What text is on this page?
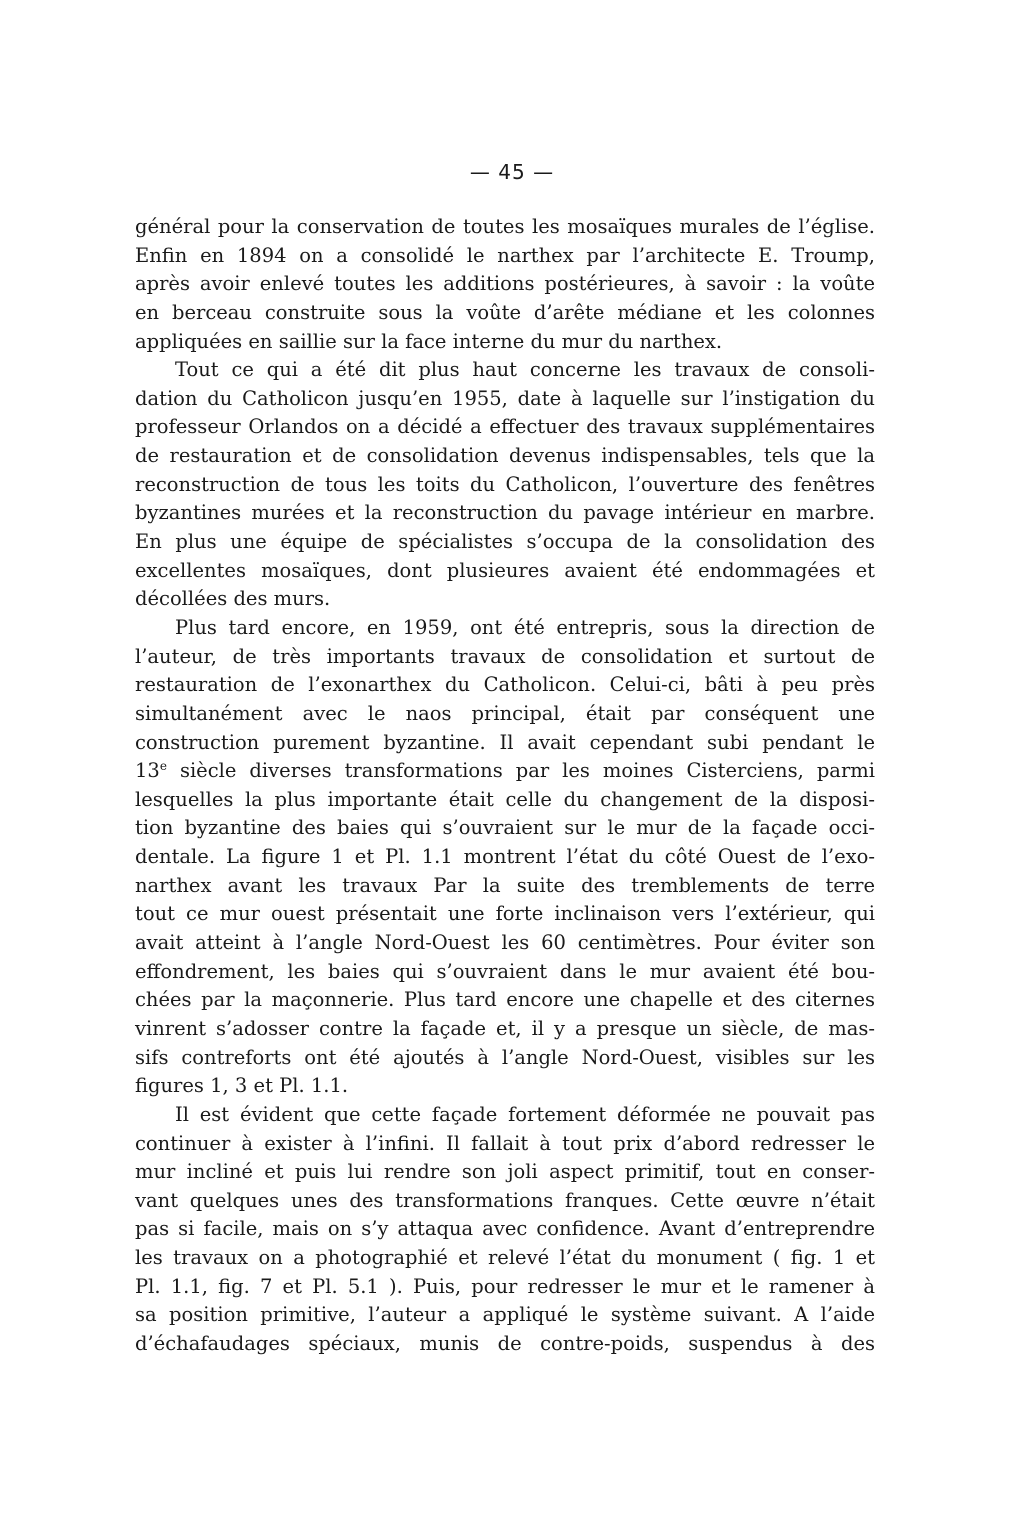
— 45 —
général pour la conservation de toutes les mosaïques murales de l’église.
Enfin en 1894 on a consolidé le narthex par l’architecte E. Troump,
après avoir enlevé toutes les additions postérieures, à savoir : la voûte
en berceau construite sous la voûte d’arête médiane et les colonnes
appliquées en saillie sur la face interne du mur du narthex.
Tout ce qui a été dit plus haut concerne les travaux de consoli-
dation du Catholicon jusqu’en 1955, date à laquelle sur l’instigation du
professeur Orlandos on a décidé a effectuer des travaux supplémentaires
de restauration et de consolidation devenus indispensables, tels que la
reconstruction de tous les toits du Catholicon, l’ouverture des fenêtres
byzantines murées et la reconstruction du pavage intérieur en marbre.
En plus une équipe de spécialistes s’occupa de la consolidation des
excellentes mosaïques, dont plusieures avaient été endommagées et
décollées des murs.
Plus tard encore, en 1959, ont été entrepris, sous la direction de
l’auteur, de très importants travaux de consolidation et surtout de
restauration de l’exonarthex du Catholicon. Celui-ci, bâti à peu près
simultanément avec le naos principal, était par conséquent une
construction purement byzantine. Il avait cependant subi pendant le
13e siècle diverses transformations par les moines Cisterciens, parmi
lesquelles la plus importante était celle du changement de la disposi-
tion byzantine des baies qui s’ouvraient sur le mur de la façade occi-
dentale. La figure 1 et Pl. 1.1 montrent l’état du côté Ouest de l’exo-
narthex avant les travaux Par la suite des tremblements de terre
tout ce mur ouest présentait une forte inclinaison vers l’extérieur, qui
avait atteint à l’angle Nord-Ouest les 60 centimètres. Pour éviter son
effondrement, les baies qui s’ouvraient dans le mur avaient été bou-
chées par la maçonnerie. Plus tard encore une chapelle et des citernes
vinrent s’adosser contre la façade et, il y a presque un siècle, de mas-
sifs contreforts ont été ajoutés à l’angle Nord-Ouest, visibles sur les
figures 1, 3 et Pl. 1.1.
Il est évident que cette façade fortement déformée ne pouvait pas
continuer à exister à l’infini. Il fallait à tout prix d’abord redresser le
mur incliné et puis lui rendre son joli aspect primitif, tout en conser-
vant quelques unes des transformations franques. Cette œuvre n’était
pas si facile, mais on s’y attaqua avec confidence. Avant d’entreprendre
les travaux on a photographié et relevé l’état du monument ( fig. 1 et
Pl. 1.1, fig. 7 et Pl. 5.1 ). Puis, pour redresser le mur et le ramener à
sa position primitive, l’auteur a appliqué le système suivant. A l’aide
d’échafaudages spéciaux, munis de contre-poids, suspendus à des
